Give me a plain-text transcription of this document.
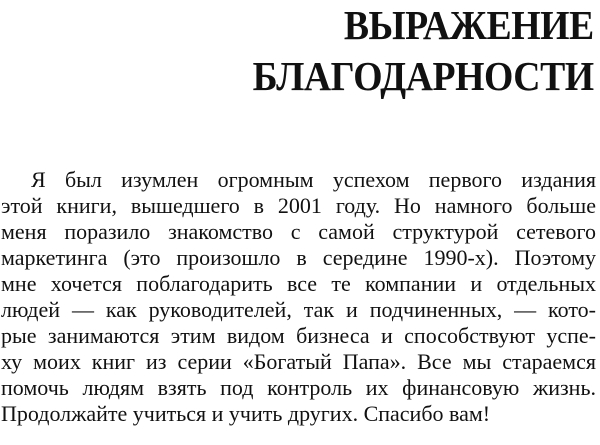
ВЫРАЖЕНИЕ
БЛАГОДАРНОСТИ
Я был изумлен огромным успехом первого издания
этой книги, вышедшего в 2001 году. Но намного больше
меня поразило знакомство с самой структурой сетевого
маркетинга (это произошло в середине 1990-х). Поэтому
мне хочется поблагодарить все те компании и отдельных
людей — как руководителей, так и подчиненных, — кото-
рые занимаются этим видом бизнеса и способствуют успе-
ху моих книг из серии «Богатый Папа». Все мы стараемся
помочь людям взять под контроль их финансовую жизнь.
Продолжайте учиться и учить других. Спасибо вам!
